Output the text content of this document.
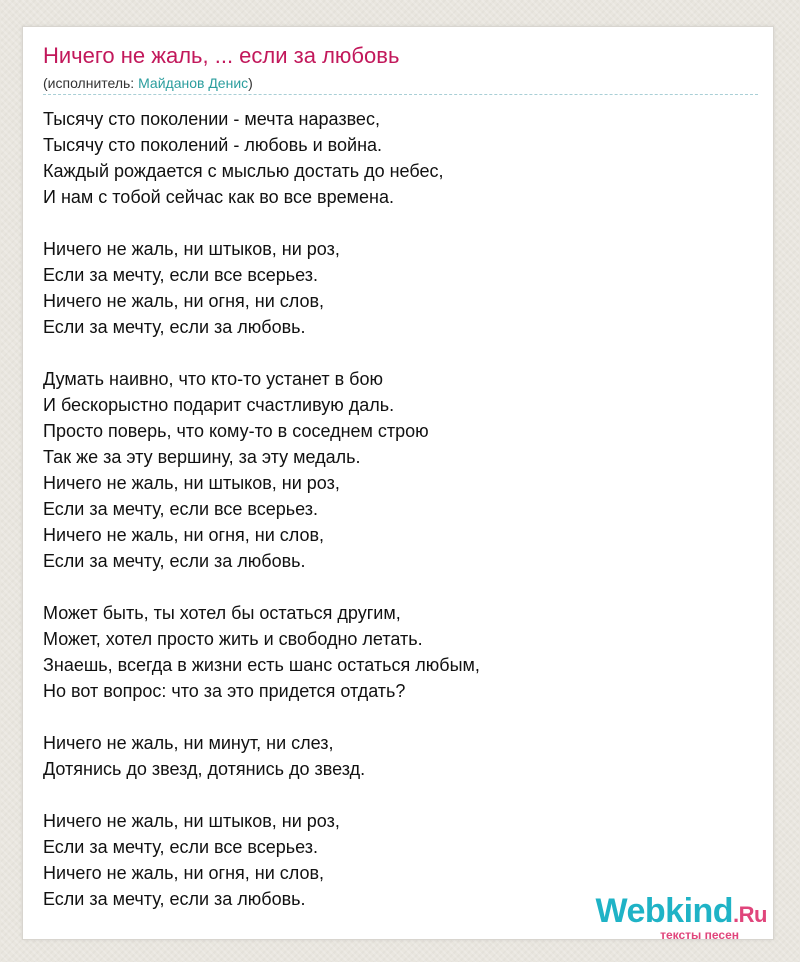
Ничего не жаль, ... если за любовь
(исполнитель: Майданов Денис)
Тысячу сто поколении - мечта наразвес,
Тысячу сто поколений - любовь и война.
Каждый рождается с мыслью достать до небес,
И нам с тобой сейчас как во все времена.
Ничего не жаль, ни штыков, ни роз,
Если за мечту, если все всерьез.
Ничего не жаль, ни огня, ни слов,
Если за мечту, если за любовь.
Думать наивно, что кто-то устанет в бою
И бескорыстно подарит счастливую даль.
Просто поверь, что кому-то в соседнем строю
Так же за эту вершину, за эту медаль.
Ничего не жаль, ни штыков, ни роз,
Если за мечту, если все всерьез.
Ничего не жаль, ни огня, ни слов,
Если за мечту, если за любовь.
Может быть, ты хотел бы остаться другим,
Может, хотел просто жить и свободно летать.
Знаешь, всегда в жизни есть шанс остаться любым,
Но вот вопрос: что за это придется отдать?
Ничего не жаль, ни минут, ни слез,
Дотянись до звезд, дотянись до звезд.
Ничего не жаль, ни штыков, ни роз,
Если за мечту, если все всерьез.
Ничего не жаль, ни огня, ни слов,
Если за мечту, если за любовь.	Webkind.Ru
тексты песен
